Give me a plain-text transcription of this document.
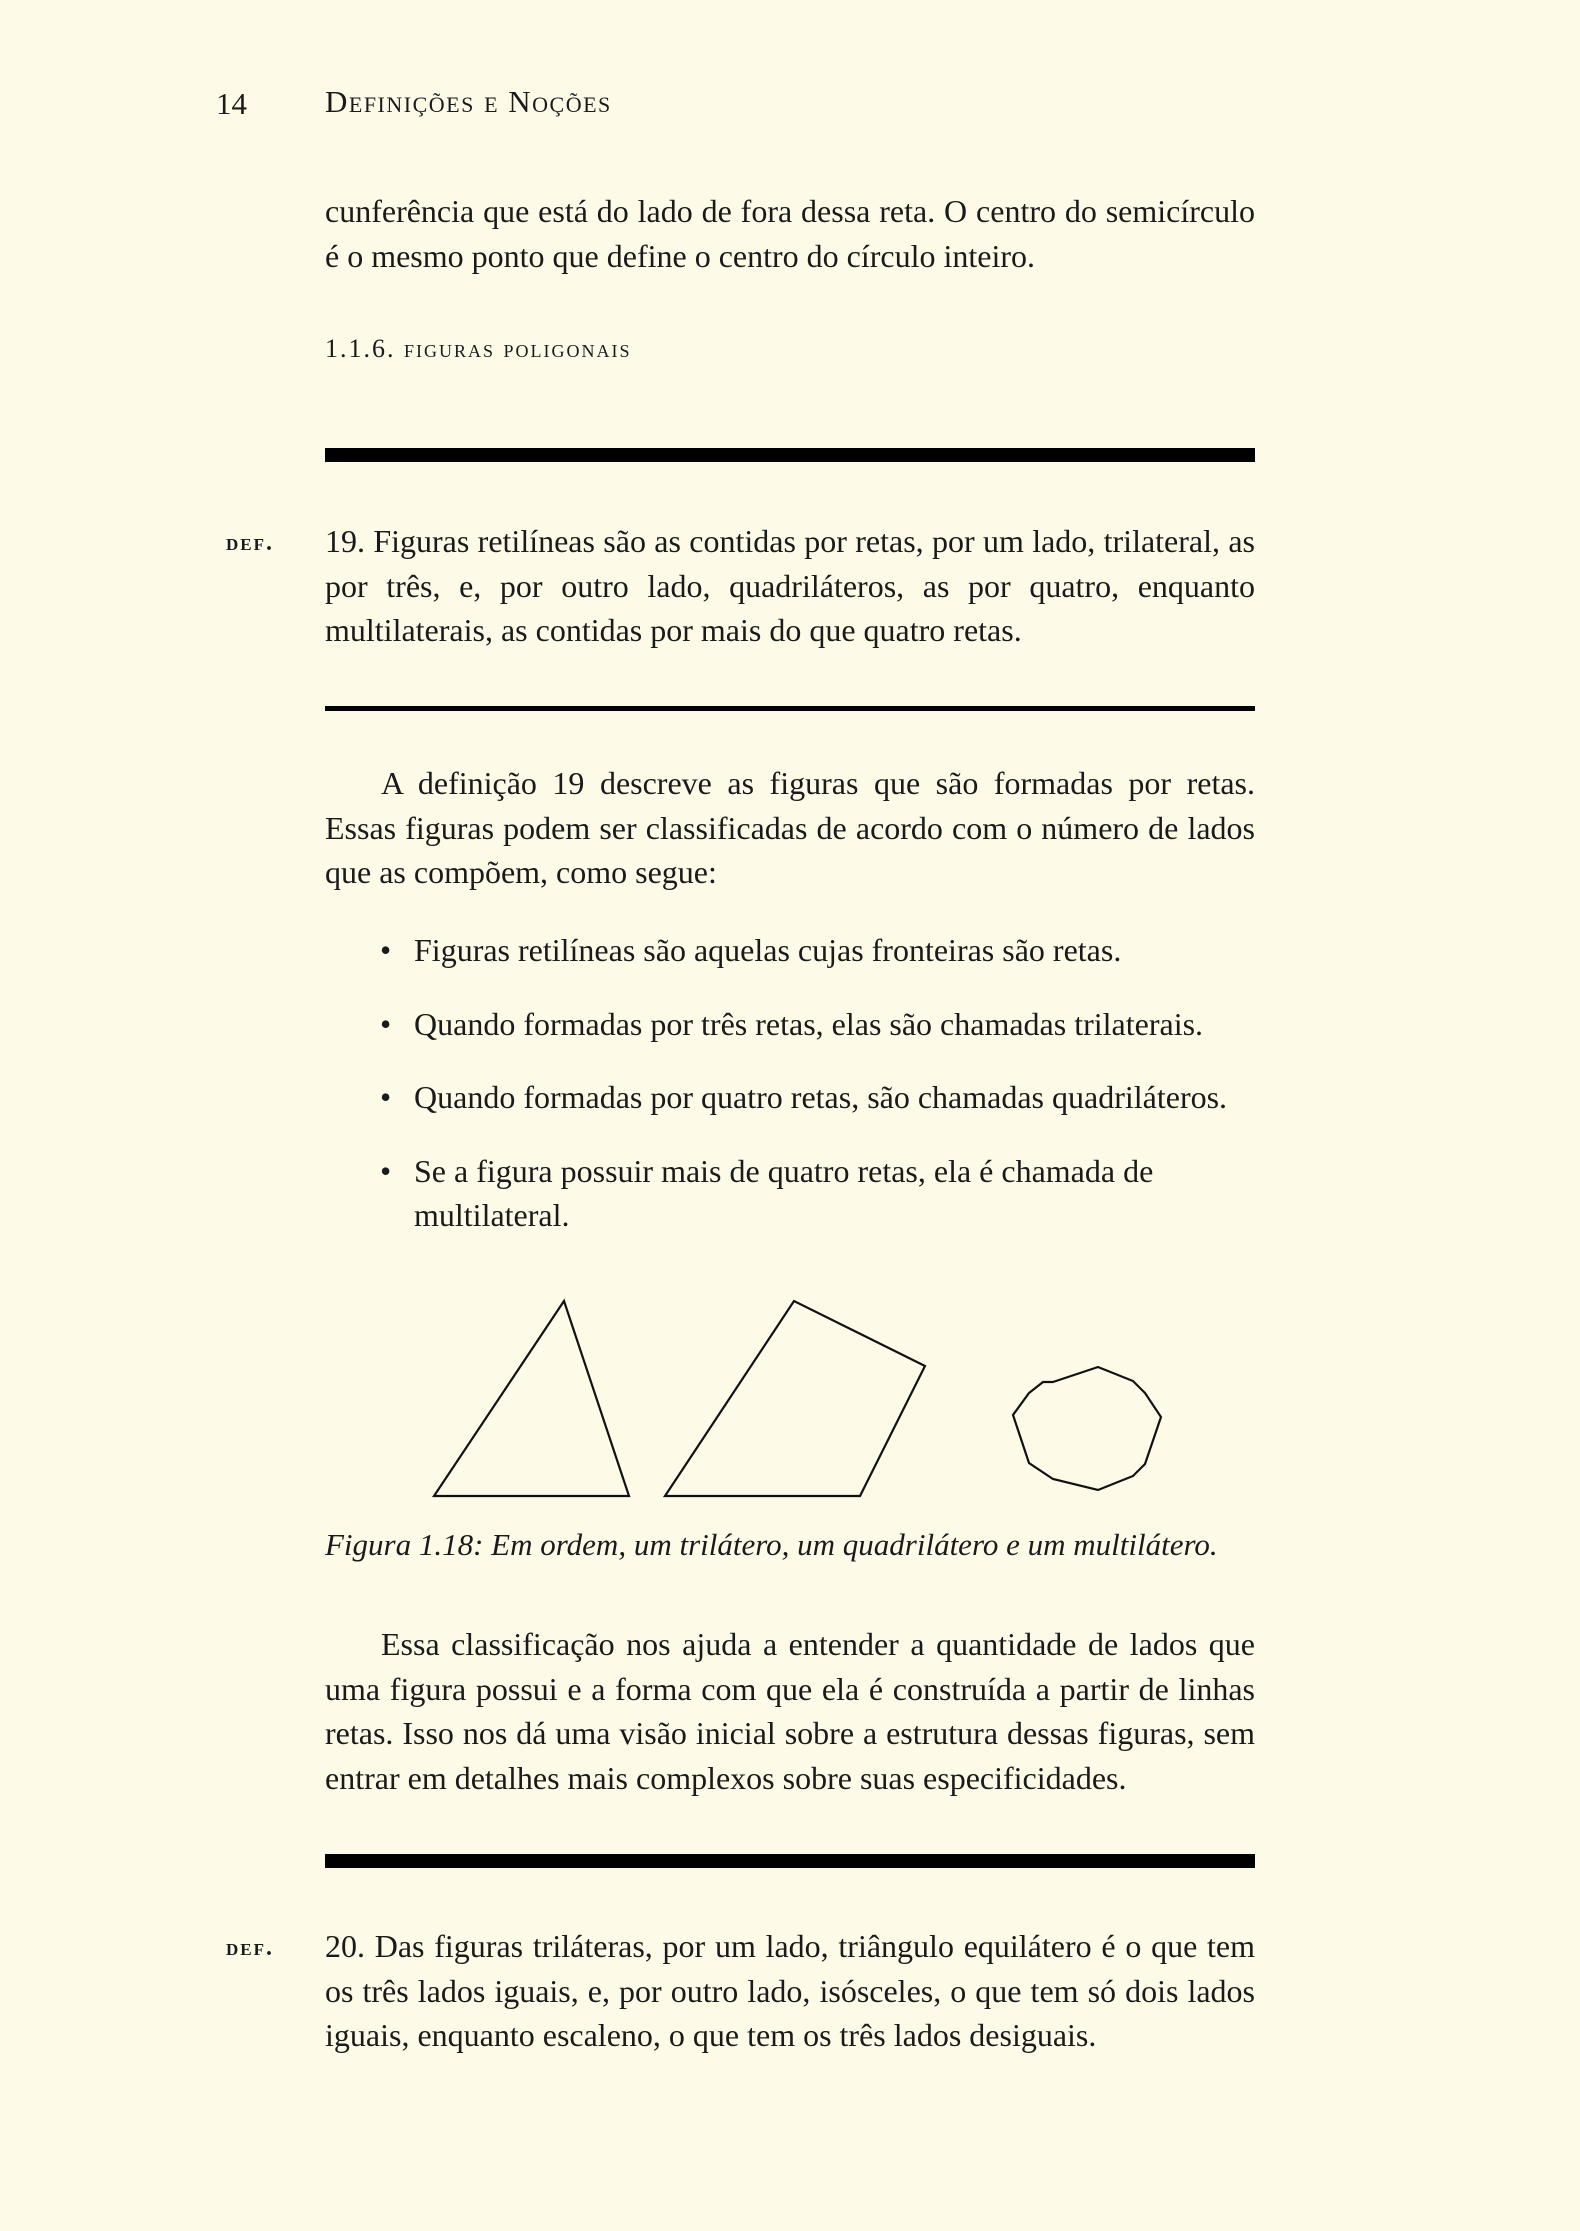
14	Definições e Noções

cunferência que está do lado de fora dessa reta. O centro do semicírculo é o mesmo ponto que define o centro do círculo inteiro.

1.1.6. figuras poligonais
def. 19. Figuras retilíneas são as contidas por retas, por um lado, trilateral, as por três, e, por outro lado, quadriláteros, as por quatro, enquanto multilaterais, as contidas por mais do que quatro retas.

A definição 19 descreve as figuras que são formadas por retas. Essas figuras podem ser classificadas de acordo com o número de lados que as compõem, como segue:

• Figuras retilíneas são aquelas cujas fronteiras são retas.
• Quando formadas por três retas, elas são chamadas trilaterais.
• Quando formadas por quatro retas, são chamadas quadriláteros.
• Se a figura possuir mais de quatro retas, ela é chamada de multilateral.
Figura 1.18: Em ordem, um trilátero, um quadrilátero e um multilátero.

Essa classificação nos ajuda a entender a quantidade de lados que uma figura possui e a forma com que ela é construída a partir de linhas retas. Isso nos dá uma visão inicial sobre a estrutura dessas figuras, sem entrar em detalhes mais complexos sobre suas especificidades.

def. 20. Das figuras triláteras, por um lado, triângulo equilátero é o que tem os três lados iguais, e, por outro lado, isósceles, o que tem só dois lados iguais, enquanto escaleno, o que tem os três lados desiguais.
